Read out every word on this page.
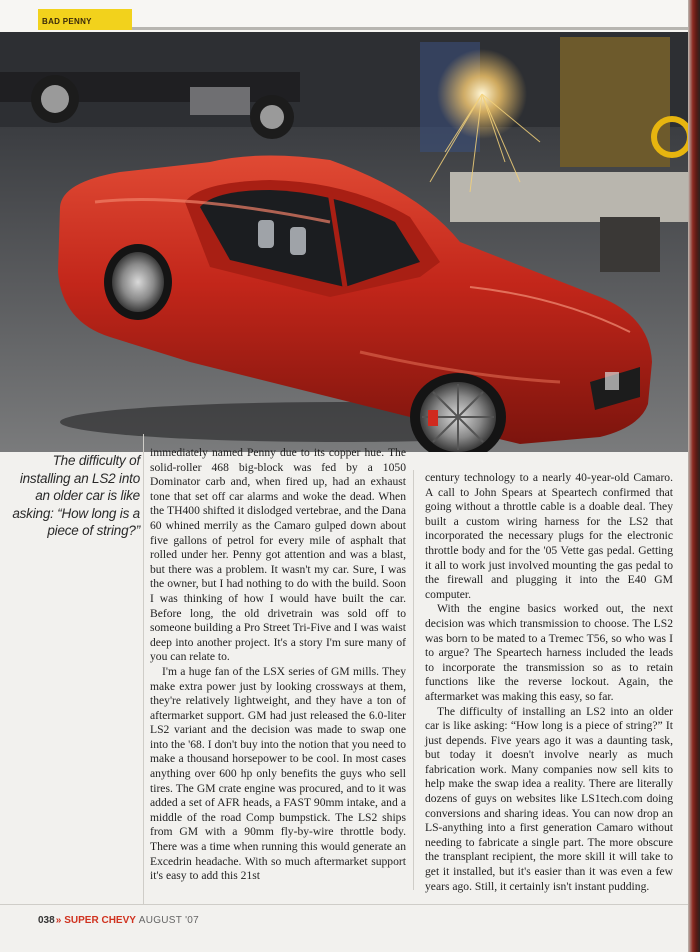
BAD PENNY
The difficulty of installing an LS2 into an older car is like asking: “How long is a piece of string?”

immediately named Penny due to its copper hue. The solid-roller 468 big-block was fed by a 1050 Dominator carb and, when fired up, had an exhaust tone that set off car alarms and woke the dead. When the TH400 shifted it dislodged vertebrae, and the Dana 60 whined merrily as the Camaro gulped down about five gallons of petrol for every mile of asphalt that rolled under her. Penny got attention and was a blast, but there was a problem. It wasn't my car. Sure, I was the owner, but I had nothing to do with the build. Soon I was thinking of how I would have built the car. Before long, the old drivetrain was sold off to someone building a Pro Street Tri-Five and I was waist deep into another project. It's a story I'm sure many of you can relate to.

I'm a huge fan of the LSX series of GM mills. They make extra power just by looking crossways at them, they're relatively lightweight, and they have a ton of aftermarket support. GM had just released the 6.0-liter LS2 variant and the decision was made to swap one into the '68. I don't buy into the notion that you need to make a thousand horsepower to be cool. In most cases anything over 600 hp only benefits the guys who sell tires. The GM crate engine was procured, and to it was added a set of AFR heads, a FAST 90mm intake, and a middle of the road Comp bumpstick. The LS2 ships from GM with a 90mm fly-by-wire throttle body. There was a time when running this would generate an Excedrin headache. With so much aftermarket support it's easy to add this 21st

century technology to a nearly 40-year-old Camaro. A call to John Spears at Speartech confirmed that going without a throttle cable is a doable deal. They built a custom wiring harness for the LS2 that incorporated the necessary plugs for the electronic throttle body and for the '05 Vette gas pedal. Getting it all to work just involved mounting the gas pedal to the firewall and plugging it into the E40 GM computer.

With the engine basics worked out, the next decision was which transmission to choose. The LS2 was born to be mated to a Tremec T56, so who was I to argue? The Speartech harness included the leads to incorporate the transmission so as to retain functions like the reverse lockout. Again, the aftermarket was making this easy, so far.

The difficulty of installing an LS2 into an older car is like asking: “How long is a piece of string?” It just depends. Five years ago it was a daunting task, but today it doesn't involve nearly as much fabrication work. Many companies now sell kits to help make the swap idea a reality. There are literally dozens of guys on websites like LS1tech.com doing conversions and sharing ideas. You can now drop an LS-anything into a first generation Camaro without needing to fabricate a single part. The more obscure the transplant recipient, the more skill it will take to get it installed, but it's easier than it was even a few years ago. Still, it certainly isn't instant pudding.

038» SUPER CHEVY AUGUST '07
